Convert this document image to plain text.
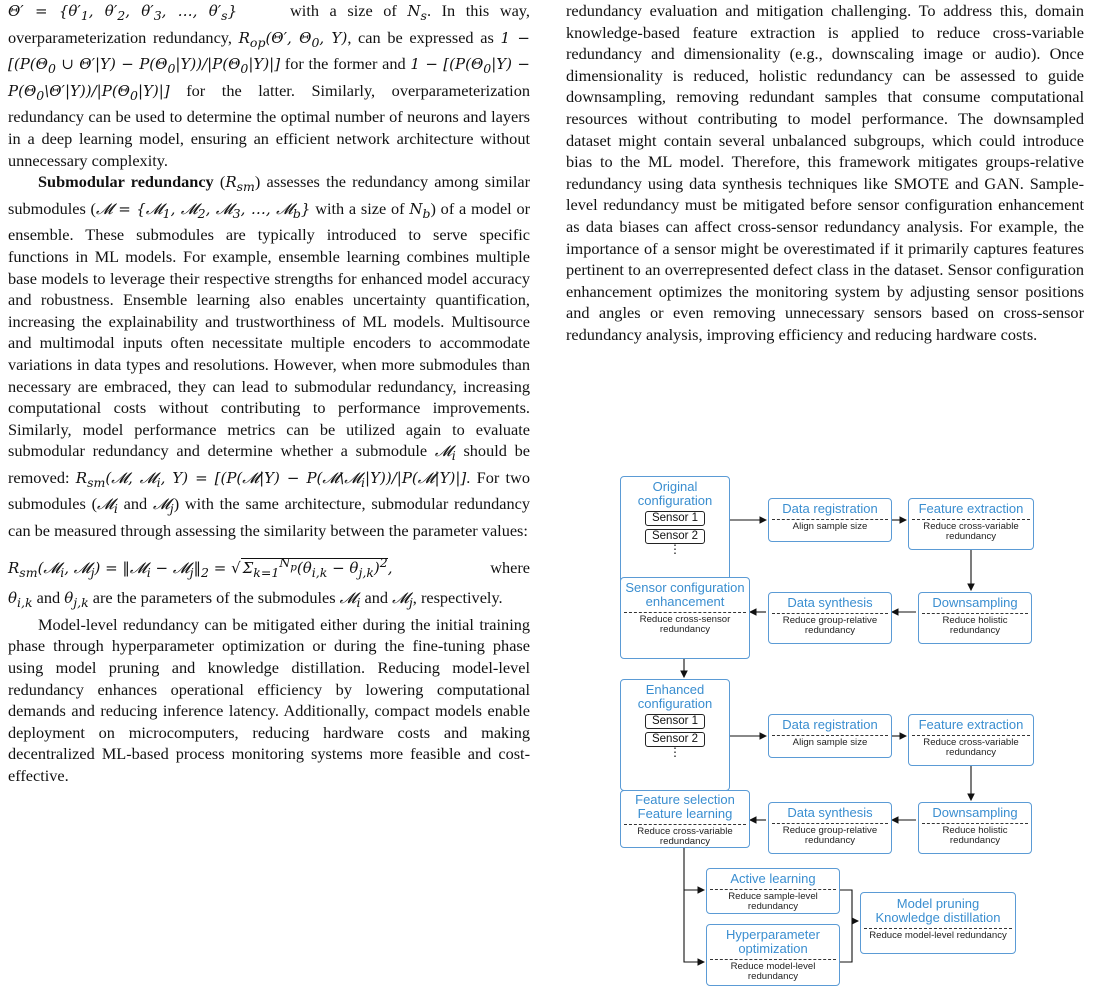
$\Theta' = \{\theta'_1$, $\theta'_2$, $\theta'_3$, …, $\theta'_s$}     with a size of $N_s$. In this way, overparameterization redundancy, $R_{op}(\Theta'$, $\Theta_0$, Y), can be expressed as $1 - [(P(\Theta_0$ ∪ $\Theta'|Y) - P(\Theta_0|Y))/|P(\Theta_0|Y)|$] for the former and $1 - [(P(\Theta_0|Y)$ − $P(\Theta_0\backslash\Theta'|Y))/|P(\Theta_0|Y)|$] for the latter. Similarly, overparameterization redundancy can be used to determine the optimal number of neurons and layers in a deep learning model, ensuring an efficient network architecture without unnecessary complexity.

Submodular redundancy $(R_{sm})$ assesses the redundancy among similar submodules (𝓜 = {𝓜$_1$, 𝓜$_2$, 𝓜$_3$, …, 𝓜$_b$} with a size of $N_b$) of a model or ensemble. These submodules are typically introduced to serve specific functions in ML models. For example, ensemble learning combines multiple base models to leverage their respective strengths for enhanced model accuracy and robustness. Ensemble learning also enables uncertainty quantification, increasing the explainability and trustworthiness of ML models. Multisource and multimodal inputs often necessitate multiple encoders to accommodate variations in data types and resolutions. However, when more submodules than necessary are embraced, they can lead to submodular redundancy, increasing computational costs without contributing to performance improvements. Similarly, model performance metrics can be utilized again to evaluate submodular redundancy and determine whether a submodule 𝓜$_i$ should be removed: $R_{sm}(𝓜$, 𝓜$_i$, Y) = [(P(𝓜|Y) − P(𝓜\𝓜$_i$|Y))/|P(𝓜|Y)|]. For two submodules (𝓜$_i$ and 𝓜$_j$) with the same architecture, submodular redundancy can be measured through assessing the similarity between the parameter values:

$R_{sm}(𝓜_i$, 𝓜$_j$) = ‖𝓜$_i$ − $𝓜_j‖_2$ = √ $\Sigma_{k=1}^{N_p}(\theta_{i,k} - \theta_{j,k})^2$,	where

$\theta_{i,k}$ and $\theta_{j,k}$ are the parameters of the submodules 𝓜$_i$ and 𝓜$_j$, respectively.

Model-level redundancy can be mitigated either during the initial training phase through hyperparameter optimization or during the fine-tuning phase using model pruning and knowledge distillation. Reducing model-level redundancy enhances operational efficiency by lowering computational demands and reducing inference latency. Additionally, compact models enable deployment on microcomputers, reducing hardware costs and making decentralized ML-based process monitoring systems more feasible and cost-effective.

redundancy evaluation and mitigation challenging. To address this, domain knowledge-based feature extraction is applied to reduce cross-variable redundancy and dimensionality (e.g., downscaling image or audio). Once dimensionality is reduced, holistic redundancy can be assessed to guide downsampling, removing redundant samples that consume computational resources without contributing to model performance. The downsampled dataset might contain several unbalanced subgroups, which could introduce bias to the ML model. Therefore, this framework mitigates groups-relative redundancy using data synthesis techniques like SMOTE and GAN. Sample-level redundancy must be mitigated before sensor configuration enhancement as data biases can affect cross-sensor redundancy analysis. For example, the importance of a sensor might be overestimated if it primarily captures features pertinent to an overrepresented defect class in the dataset. Sensor configuration enhancement optimizes the monitoring system by adjusting sensor positions and angles or even removing unnecessary sensors based on cross-sensor redundancy analysis, improving efficiency and reducing hardware costs.

Original configuration
Sensor 1
Sensor 2
⋮
Data registration
Align sample size
Feature extraction
Reduce cross-variable redundancy
Downsampling
Reduce holistic redundancy
Data synthesis
Reduce group-relative redundancy
Sensor configuration enhancement
Reduce cross-sensor redundancy
Enhanced configuration
Sensor 1
Sensor 2
⋮
Data registration
Align sample size
Feature extraction
Reduce cross-variable redundancy
Downsampling
Reduce holistic redundancy
Data synthesis
Reduce group-relative redundancy
Feature selection
Feature learning
Reduce cross-variable redundancy
Active learning
Reduce sample-level redundancy
Hyperparameter optimization
Reduce model-level redundancy
Model pruning
Knowledge distillation
Reduce model-level redundancy
